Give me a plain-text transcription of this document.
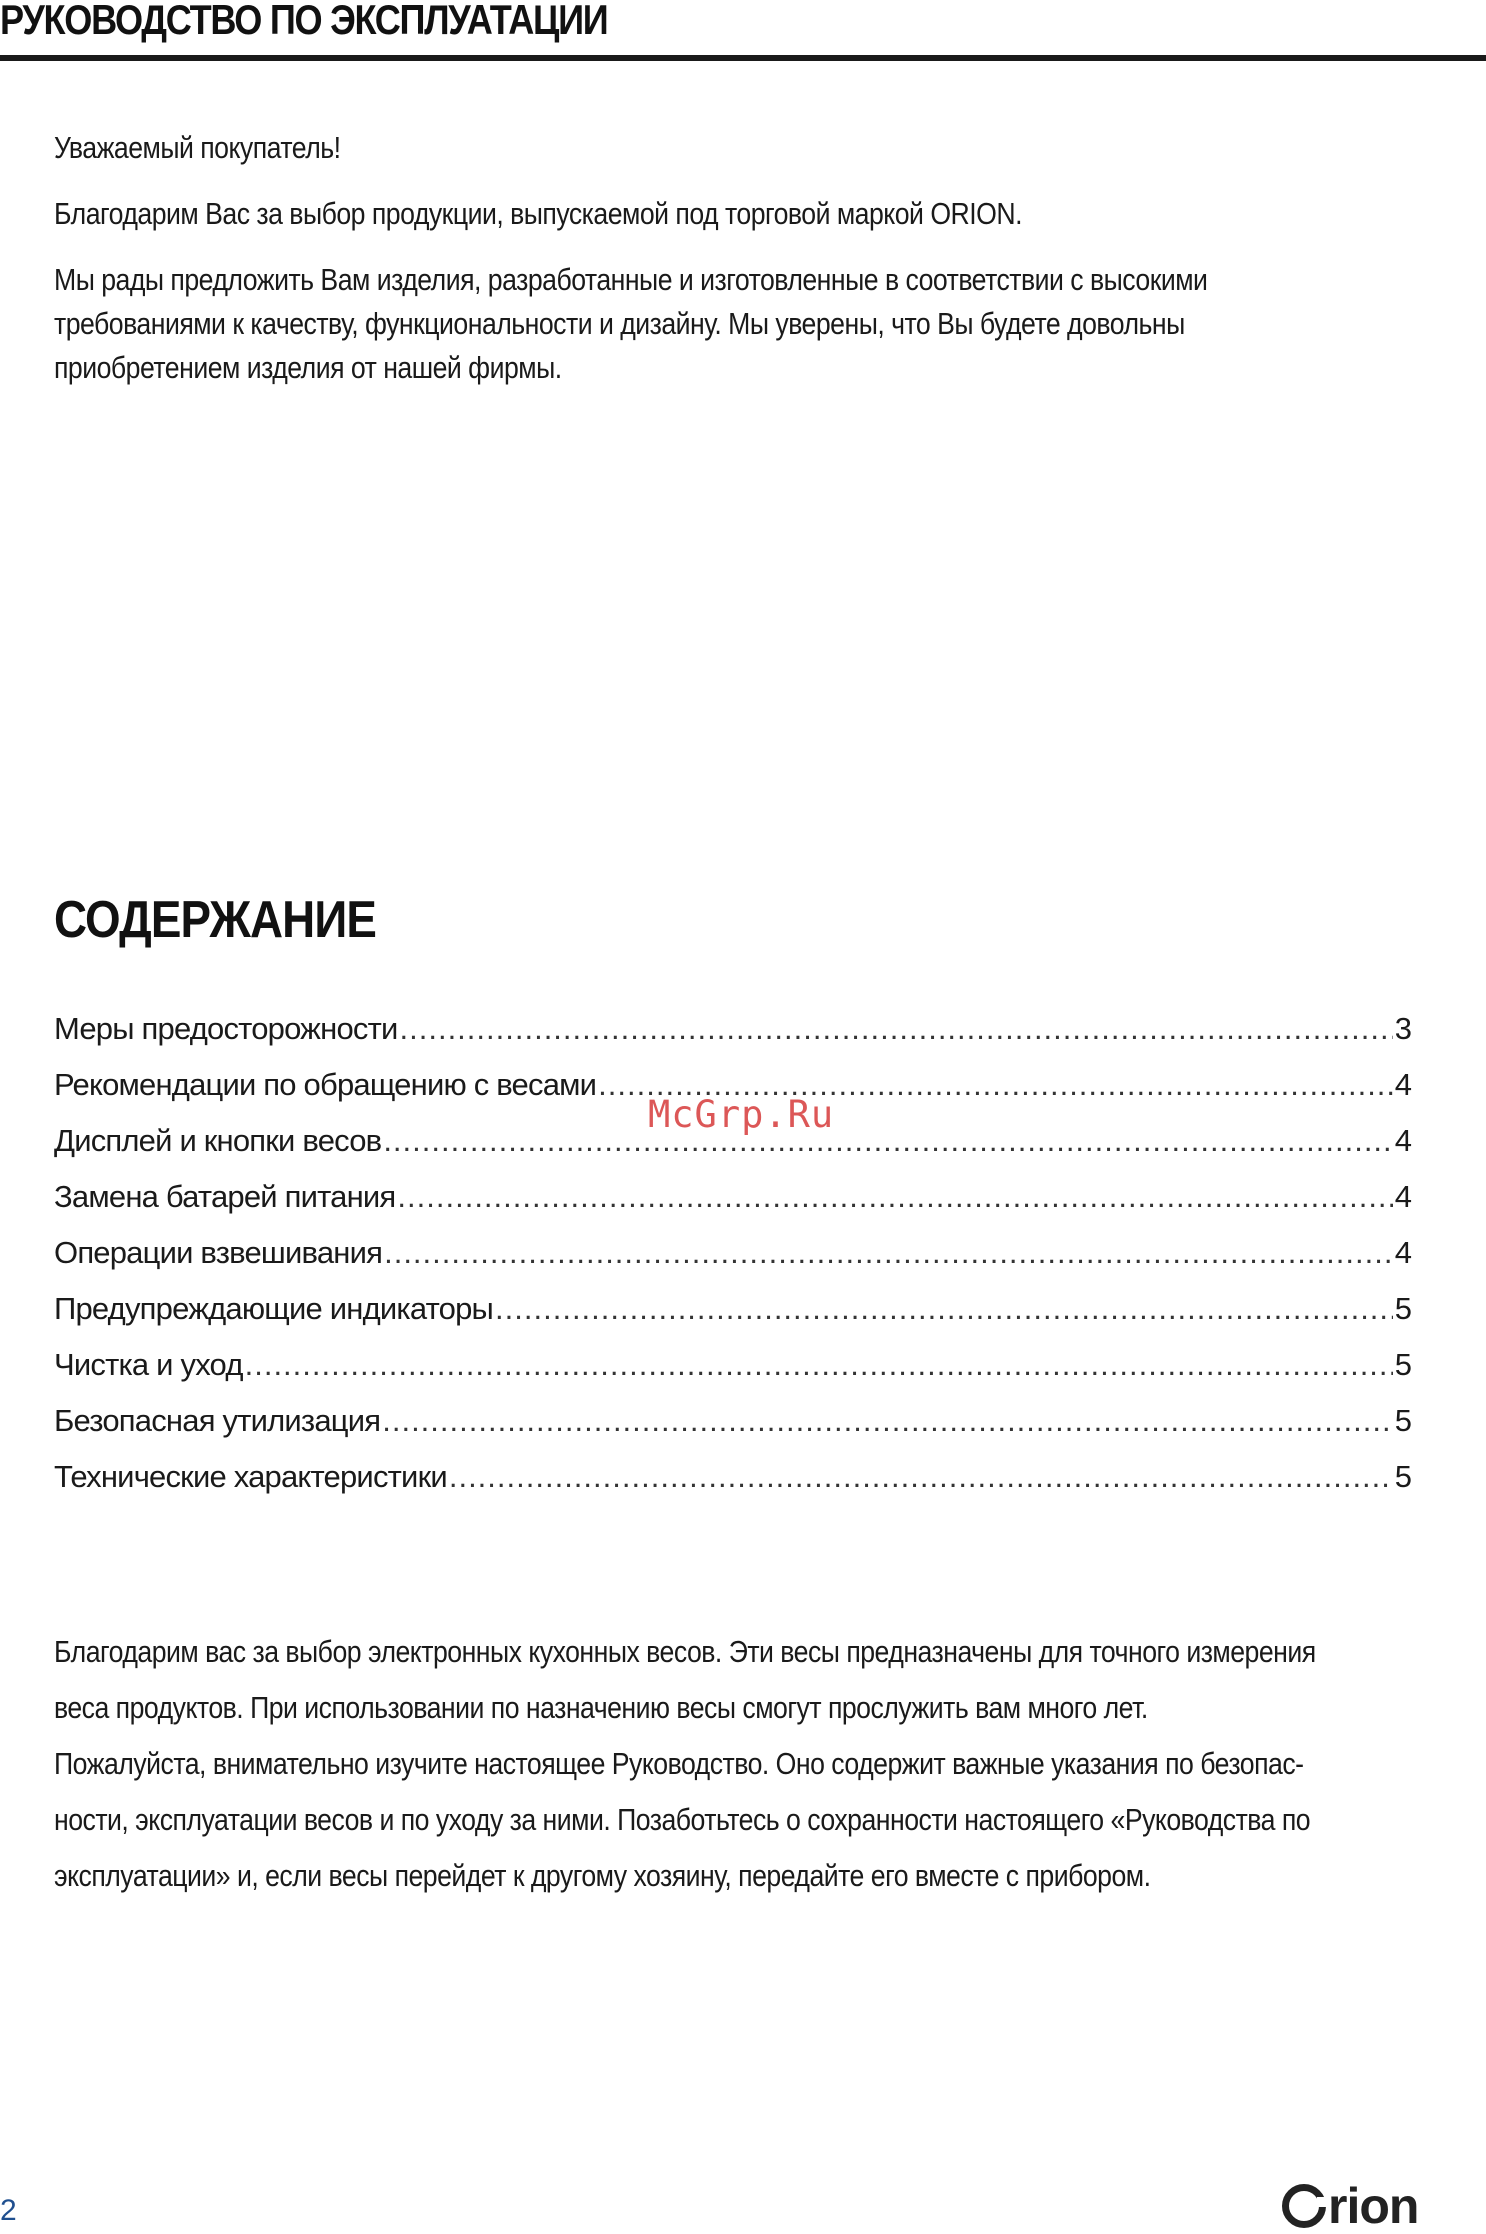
РУКОВОДСТВО ПО ЭКСПЛУАТАЦИИ

Уважаемый покупатель!

Благодарим Вас за выбор продукции, выпускаемой под торговой маркой ORION.

Мы рады предложить Вам изделия, разработанные и изготовленные в соответствии с высокими

требованиями к качеству, функциональности и дизайну. Мы уверены, что Вы будете довольны

приобретением изделия от нашей фирмы.

СОДЕРЖАНИЕ
Меры предосторожности .....	3
Рекомендации по обращению с весами .....	4
Дисплей и кнопки весов .....	4
Замена батарей питания .....	4
Операции взвешивания .....	4
Предупреждающие индикаторы .....	5
Чистка и уход .....	5
Безопасная утилизация .....	5
Технические характеристики .....	5
McGrp.Ru

Благодарим вас за выбор электронных кухонных весов. Эти весы предназначены для точного измерения

веса продуктов. При использовании по назначению весы смогут прослужить вам много лет.

Пожалуйста, внимательно изучите настоящее Руководство. Оно содержит важные указания по безопас-

ности, эксплуатации весов и по уходу за ними. Позаботьтесь о сохранности настоящего «Руководства по

эксплуатации» и, если весы перейдет к другому хозяину, передайте его вместе с прибором.

2	rion
